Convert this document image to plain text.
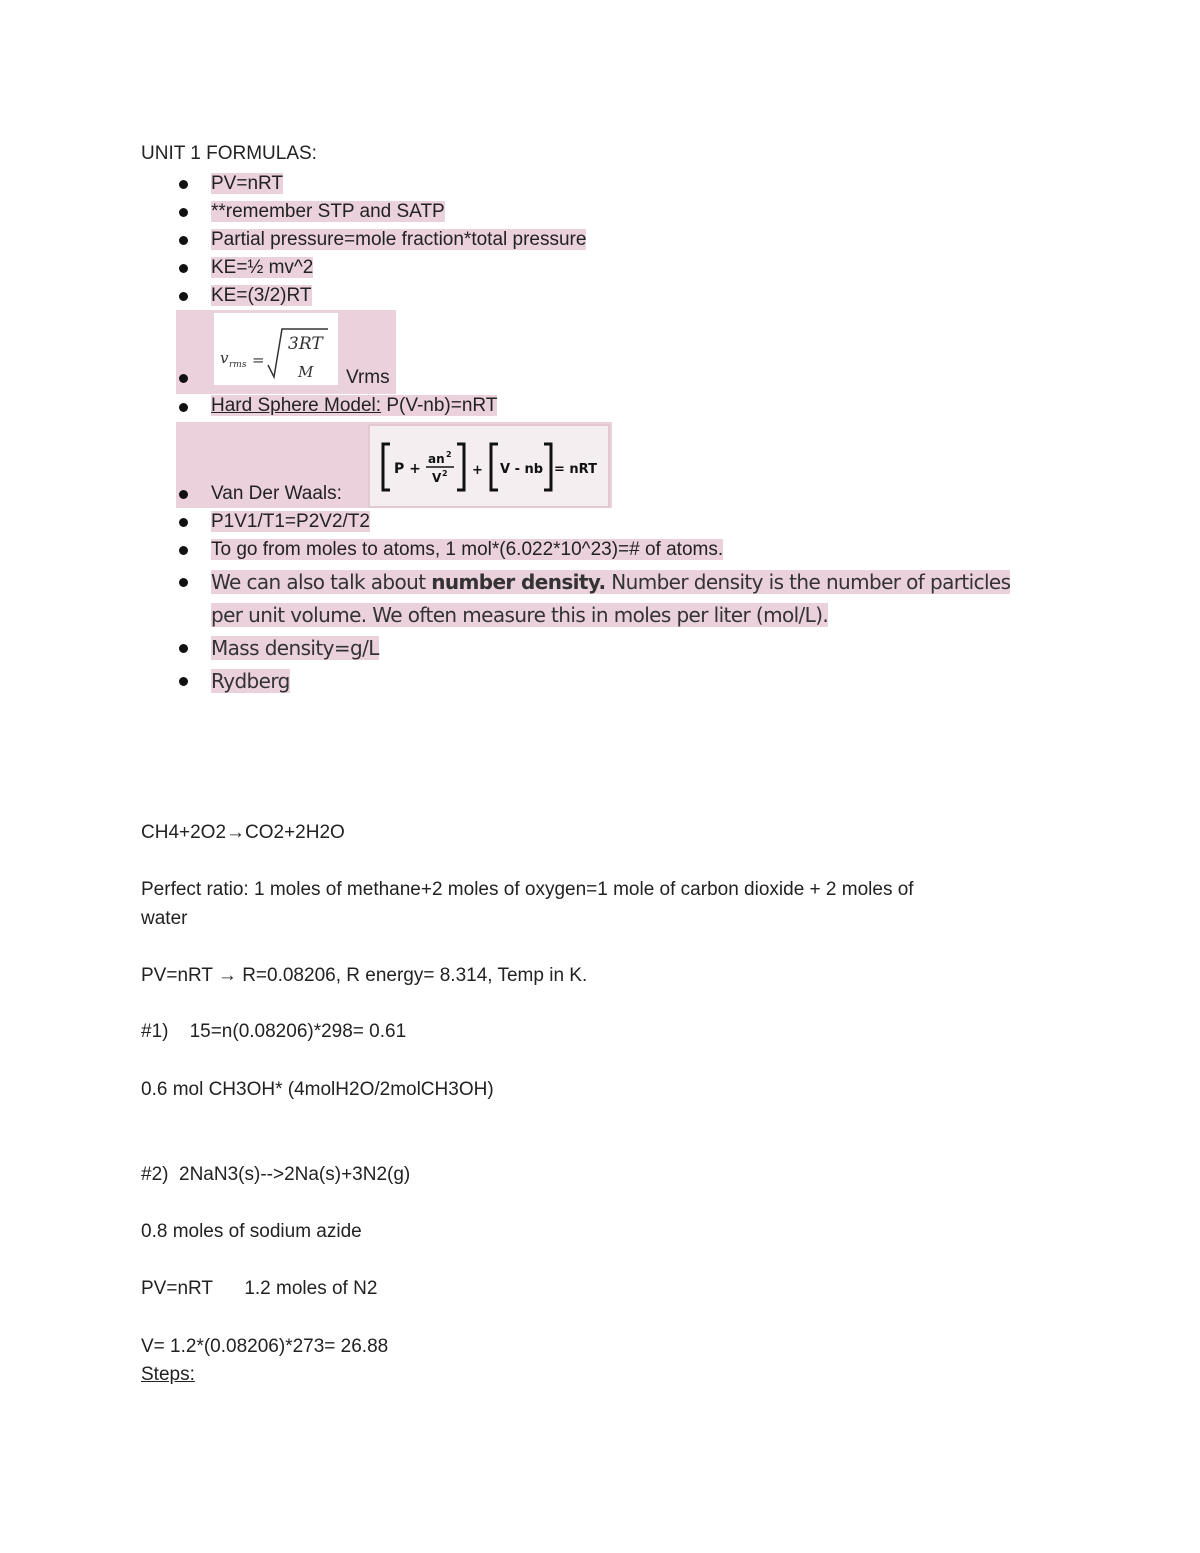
UNIT 1 FORMULAS:
PV=nRT
**remember STP and SATP
Partial pressure=mole fraction*total pressure
KE=½ mv^2
KE=(3/2)RT
v rms =
3RT
M Vrms
Hard Sphere Model: P(V-nb)=nRT
Van Der Waals:
P +
an 2
V 2 + V - nb = nRT
P1V1/T1=P2V2/T2
To go from moles to atoms, 1 mol*(6.022*10^23)=# of atoms.
We can also talk about number density. Number density is the number of particles
per unit volume. We often measure this in moles per liter (mol/L).
Mass density=g/L
Rydberg
CH4+2O2→CO2+2H2O
Perfect ratio: 1 moles of methane+2 moles of oxygen=1 mole of carbon dioxide + 2 moles of
water
PV=nRT → R=0.08206, R energy= 8.314, Temp in K.
#1)    15=n(0.08206)*298= 0.61
0.6 mol CH3OH* (4molH2O/2molCH3OH)
#2)  2NaN3(s)-->2Na(s)+3N2(g)
0.8 moles of sodium azide
PV=nRT      1.2 moles of N2
V= 1.2*(0.08206)*273= 26.88
Steps:
